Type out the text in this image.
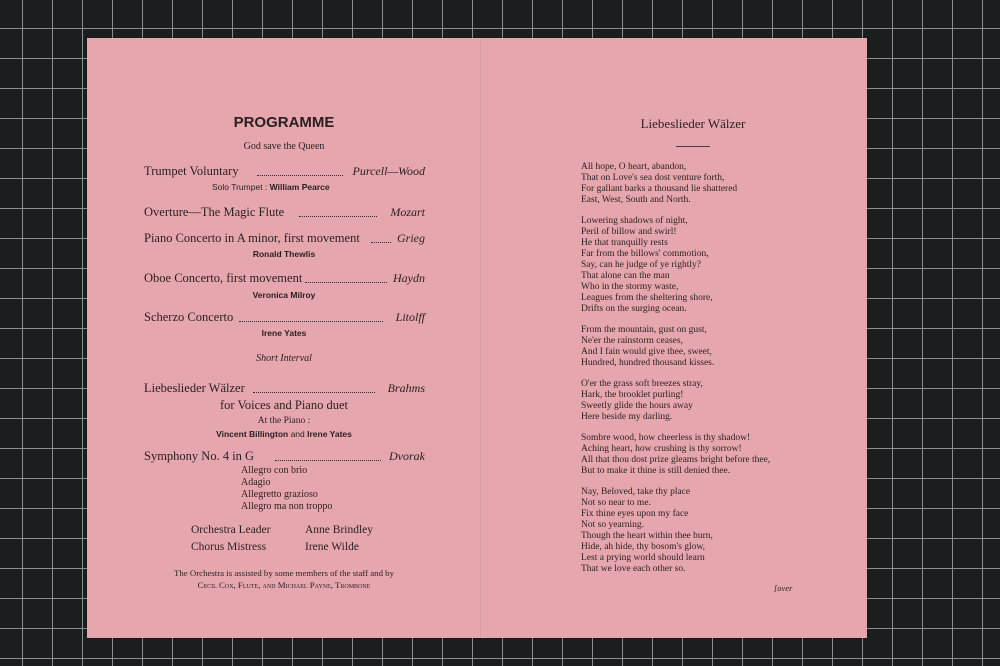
PROGRAMME
God save the Queen
Trumpet Voluntary	Purcell—Wood
Solo Trumpet : William Pearce
Overture—The Magic Flute	Mozart
Piano Concerto in A minor, first movement	Grieg
Ronald Thewlis
Oboe Concerto, first movement	Haydn
Veronica Milroy
Scherzo Concerto	Litolff
Irene Yates
Short Interval
Liebeslieder Wälzer	Brahms
for Voices and Piano duet
At the Piano :
Vincent Billington and Irene Yates
Symphony No. 4 in G	Dvorak
Allegro con brio
Adagio
Allegretto grazioso
Allegro ma non troppo
Orchestra Leader	Anne Brindley
Chorus Mistress	Irene Wilde
The Orchestra is assisted by some members of the staff and by
Cecil Cox, Flute, and Michael Payne, Trombone
Liebeslieder Wälzer
All hope, O heart, abandon,
That on Love's sea dost venture forth,
For gallant barks a thousand lie shattered
East, West, South and North.
Lowering shadows of night,
Peril of billow and swirl!
He that tranquilly rests
Far from the billows' commotion,
Say, can he judge of ye rightly?
That alone can the man
Who in the stormy waste,
Leagues from the sheltering shore,
Drifts on the surging ocean.
From the mountain, gust on gust,
Ne'er the rainstorm ceases,
And I fain would give thee, sweet,
Hundred, hundred thousand kisses.
O'er the grass soft breezes stray,
Hark, the brooklet purling!
Sweetly glide the hours away
Here beside my darling.
Sombre wood, how cheerless is thy shadow!
Aching heart, how crushing is thy sorrow!
All that thou dost prize gleams bright before thee,
But to make it thine is still denied thee.
Nay, Beloved, take thy place
Not so near to me.
Fix thine eyes upon my face
Not so yearning.
Though the heart within thee burn,
Hide, ah hide, thy bosom's glow,
Lest a prying world should learn
That we love each other so.
[over
